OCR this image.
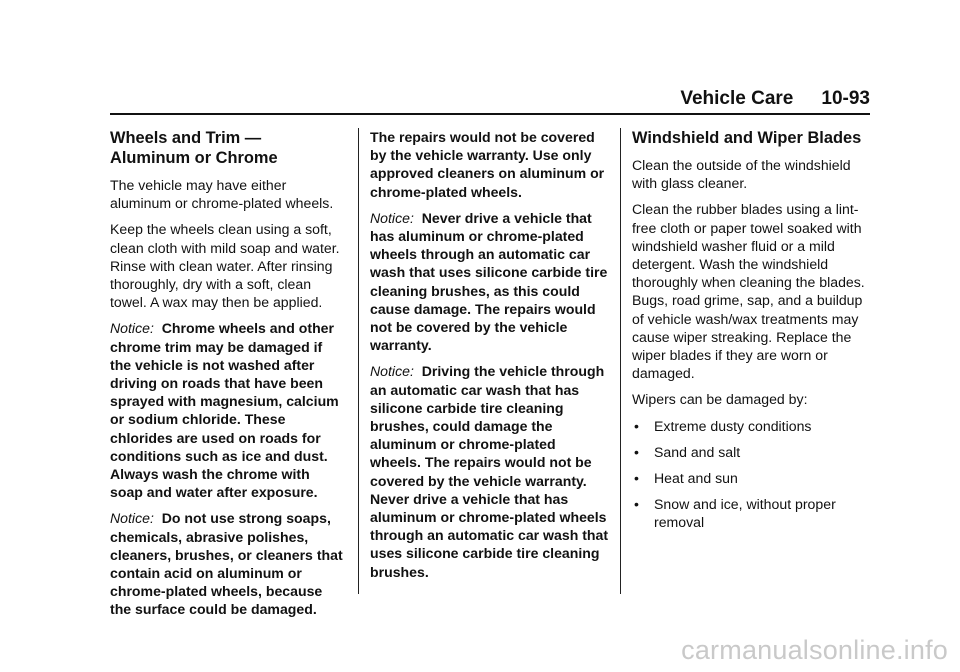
Vehicle Care 10-93
Wheels and Trim — Aluminum or Chrome

The vehicle may have either aluminum or chrome-plated wheels.

Keep the wheels clean using a soft, clean cloth with mild soap and water. Rinse with clean water. After rinsing thoroughly, dry with a soft, clean towel. A wax may then be applied.

Notice: Chrome wheels and other chrome trim may be damaged if the vehicle is not washed after driving on roads that have been sprayed with magnesium, calcium or sodium chloride. These chlorides are used on roads for conditions such as ice and dust. Always wash the chrome with soap and water after exposure.

Notice: Do not use strong soaps, chemicals, abrasive polishes, cleaners, brushes, or cleaners that contain acid on aluminum or chrome-plated wheels, because the surface could be damaged.

The repairs would not be covered by the vehicle warranty. Use only approved cleaners on aluminum or chrome-plated wheels.

Notice: Never drive a vehicle that has aluminum or chrome-plated wheels through an automatic car wash that uses silicone carbide tire cleaning brushes, as this could cause damage. The repairs would not be covered by the vehicle warranty.

Notice: Driving the vehicle through an automatic car wash that has silicone carbide tire cleaning brushes, could damage the aluminum or chrome-plated wheels. The repairs would not be covered by the vehicle warranty. Never drive a vehicle that has aluminum or chrome-plated wheels through an automatic car wash that uses silicone carbide tire cleaning brushes.

Windshield and Wiper Blades

Clean the outside of the windshield with glass cleaner.

Clean the rubber blades using a lint-free cloth or paper towel soaked with windshield washer fluid or a mild detergent. Wash the windshield thoroughly when cleaning the blades. Bugs, road grime, sap, and a buildup of vehicle wash/wax treatments may cause wiper streaking. Replace the wiper blades if they are worn or damaged.

Wipers can be damaged by:

• Extreme dusty conditions
• Sand and salt
• Heat and sun
• Snow and ice, without proper removal
carmanualsonline.info
